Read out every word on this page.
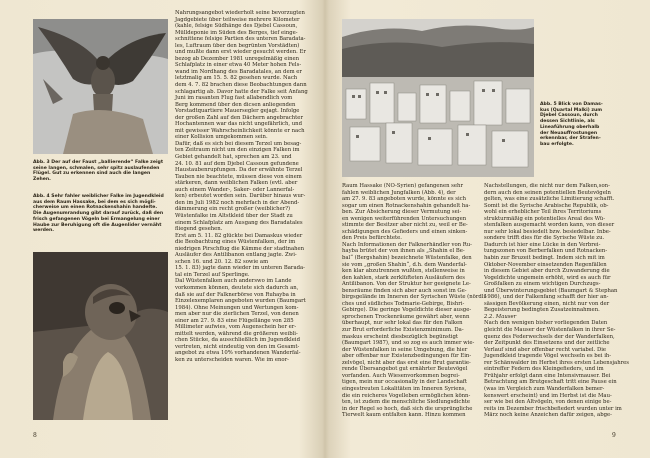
Abb. 3 Der auf der Faust „ballierende“ Falke zeigt
seine langen, schmalen, sehr spitz auslaufenden
Flügel. Gut zu erkennen sind auch die langen
Zehen.
Abb. 4 Sehr fahler weiblicher Falke im Jugendkleid
aus dem Raum Hassake, bei dem es sich mögli-
cherweise um einen Rotnackenshahin handelte.
Die Augenumrandung gibt darauf zurück, daß den
frisch gefangenen Vögeln bei Ermangelung einer
Haube zur Beruhigung oft die Augenlider vernäht
werden.
Nahrungsangebot wiederholt seine bevorzugten
Jagdgebiete über teilweise mehrere Kilometer
(kahle, felsige Südhänge des Djebel Cassoun,
Mülldeponie im Süden des Berges, tief einge-
schnittene felsige Partien des unteren Baradata-
les, Luftraum über den begrünten Vorstädten)
und mußte dann erst wieder gesucht werden. Er
bezog ab Dezember 1981 unregelmäßig einen
Schlafplatz in einer etwa 40 Meter hohen Fels-
wand im Nordhang des Baradatales, an dem er
letztmalig am 15. 5. 82 gesehen wurde. Nach
dem 4. 7. 82 brachen diese Beobachtungen dann
schlagartig ab. Davor hatte der Falke seit Anfang
Juni im rasanten Flug fast allabendlich vom
Berg kommend über den dicsen anliegenden
Vorstadtquartiere Mauersegler gejagt. Infolge
der großen Zahl auf den Dächern angebrachter
Hochantennen war das nicht ungefährlich, und
mit gewisser Wahrscheinlichkeit könnte er nach
einer Kollision umgekommen sein.
Dafür, daß es sich bei diesem Terzel um besag-
ten Zeitraum nicht um den einzigen Falken im
Gebiet gehandelt hat, sprechen am 23. und
24. 10. 81 auf dem Djebel Cassoun gefundene
Haustaubenrupfungen. Da der erwähnte Terzel
Tauben nie beachtete, müssen diese von einem
stärkeren, dann weiblichen Falken (evtl. aber
auch einem Wander-, Saker- oder Lannerfal-
ken) erbeutet worden sein. Darüber hinaus wur-
den im Juli 1982 noch mehrfach in der Abend-
dämmerung ein recht großer (weiblicher?)
Wüstenfalke im Altstkleid über der Stadt zu
einem Schlafplatz am Ausgang des Baradatales
fliegend gesehen.
Erst am 5. 11. 82 glückte bei Damaskus wieder
die Beobachtung eines Wüstenfalken, der im
niedrigen Pirschflug die Kämme der stadtnahen
Ausläufer des Antilibanon entlang jagte. Zwi-
schen 16. und 20. 12. 82 sowie am
15. 1. 83) jagte dann wieder im unteren Barada-
tal ein Terzel auf Sperlinge.
Dal Wüstenfalken auch anderswo im Lande
vorkommen können, deutete sich dadurch an,
daß sie auf der Falknerbörse von Ruhayba in
Einzelexemplaren angeboten wurden (Baumgart
1984). Ohne Meinungen und Wertungen kom-
men aber nur die zierlichen Terzel, von denen
einer am 27. 9. 83 eine Flügellänge von 285
Millimeter aufwies, vom Augenschein her er-
mittelt werden, während die größeren weibli-
chen Stücke, da ausschließlich im Jugendkleid
vertreten, nicht eindeutig von den im Gesamt-
angebot zu etwa 10% vorhandenen Wanderfal-
ken zu unterscheiden waren. Wie im enor-
8
Abb. 5 Blick von Damas-
kus (Quartal Malki) zum
Djebel Cassoun, durch
dessen Sichtlinie, als
Lineaführung oberhalb
der Neuauffrostungen
erkennbar, der Strafen-
bau erfolgte.
Raum Hassake (NO-Syrien) gefangenen sehr
fahlen weiblichen Jungfalken (Abb. 4), der
am 27. 9. 83 angeboten wurde, könnte es sich
sogar um einen Rotnackenshahin gehandelt ha-
ben. Zur Absicherung dieser Vermutung sei-
en wenigen weiterführenden Untersuchungen
stimmte der Besitzer aber nicht zu, weil er Be-
schädigungen des Gefieders und einen sinken-
den Preis befürchtete.
Nach Informationen der Falknerhändler von Ru-
hayba brütet der von ihnen als „Shahin el Be-
bal“ (Bergshahin) bezeichnete Wüstenfalke, den
sie vom „großen Shahin“, d.h. dem Wanderfal-
ken klar abzutrennen wußten, stellenweise in
den kahlen, stark zerklüfteten Ausläufern des
Antilibanon. Von der Struktur her geeignete Le-
bensräume finden sich aber auch sonst im Ge-
birgsgelände im Inneren der Syrischen Wüste (nördli-
ches und südliches Todmarie-Gebirge, Bishri-
Gebirge). Die geringe Vogeldichte dieser ausge-
sprochenen Trockenräume gewährt aber, wenn
überhaupt, nur sehr lokal das für den Falken
zur Brut erforderliche Existenzminimum. Da-
maskus erscheint diesbezüglich begünstigt
(Baumgart 1987), und so zog es auch immer wie-
der Wüstenfalken in seine Umgebung, die hier
aber offenbar nur Existenzbedingungen für Ein-
zelvögel, nicht aber das erst eine Brut garantie-
rende Übersangebot gut ernährter Beutevögel
vorfanden. Auch Wiesenvorkommen begrei-
tigen, mein nur occasionally in der Landschaft
eingestreuten Lokalitäten im Inneren Syriens,
die ein reicheres Vogelleben ermöglichen könn-
ten, ist zudem die menschliche Siedlungsdichte
in der Regel so hoch, daß sich die ursprüngliche
Tierwelt kaum entfalten kann. Hinzu kommen
Nachstellungen, die nicht nur dem Falken,son-
dern auch den seinen potentiellen Beutevögeln
gelten, was eine zusätzliche Limitierung schafft.
Somit ist die Syrische Arabische Republik, ob-
wohl ein erheblicher Teil ihres Territoriums
strukturmäßig ein potentielles Areal des Wü-
stenfalken ausgemacht worden kann, von dieser
nur sehr lokal besiedelt bzw. besiedelbar. Inbe-
sondere trifft dies für die Syrische Wüste zu.
Dadurch ist hier eine Lücke in den Verbrei-
tungszonen von Berberfalken und Rotnacken-
habin zur Bruzeit bedingt. Indem sich mit im
Oktober-November einsetzenden Regenfällen
in diesem Gebiet aber durch Zuwanderung die
Vogeldichte ungemein erhöht, wird es auch für
Großfalken zu einem wichtigen Durchzugs-
und Überwinterungsgebiet (Baumgart & Stephan
1986), und der Falkenfang schafft der hier an-
sässigen Bevölkerung einen, nicht nur von der
Begeisterung bedingten Zusatzeinnahmen.
2.2. Mauser
Nach den wenigen bisher vorliegenden Daten
gleicht die Mauser der Wüstenfalken in ihrer Se-
quenz des Federwechsels der der Wanderfalken,
der Zeitpunkt des Einsetzens und der zeitliche
Verlauf sind aber offenbar recht variabel. Die
Jugendkleid tragende Vögel wechseln es bei ih-
rer Schänwalder im Herbst ihres ersten Lebensjahres
eintreffer Federn des Kleingefieders, und im
Frühjahr erfolgt dann eine Intensivmauser. Bei
Betrachtung am Brutgeschaft tritt eine Pause ein
(was im Vergleich zum Wanderfalken bemer-
kenswert erscheint) und im Herbst ist die Mau-
ser wie bei den Altvögeln, von denen einige be-
reits im Dezember frischbefiedert wurden unter im
März noch keine Anzeichen dafür zeigen, abge-
9
